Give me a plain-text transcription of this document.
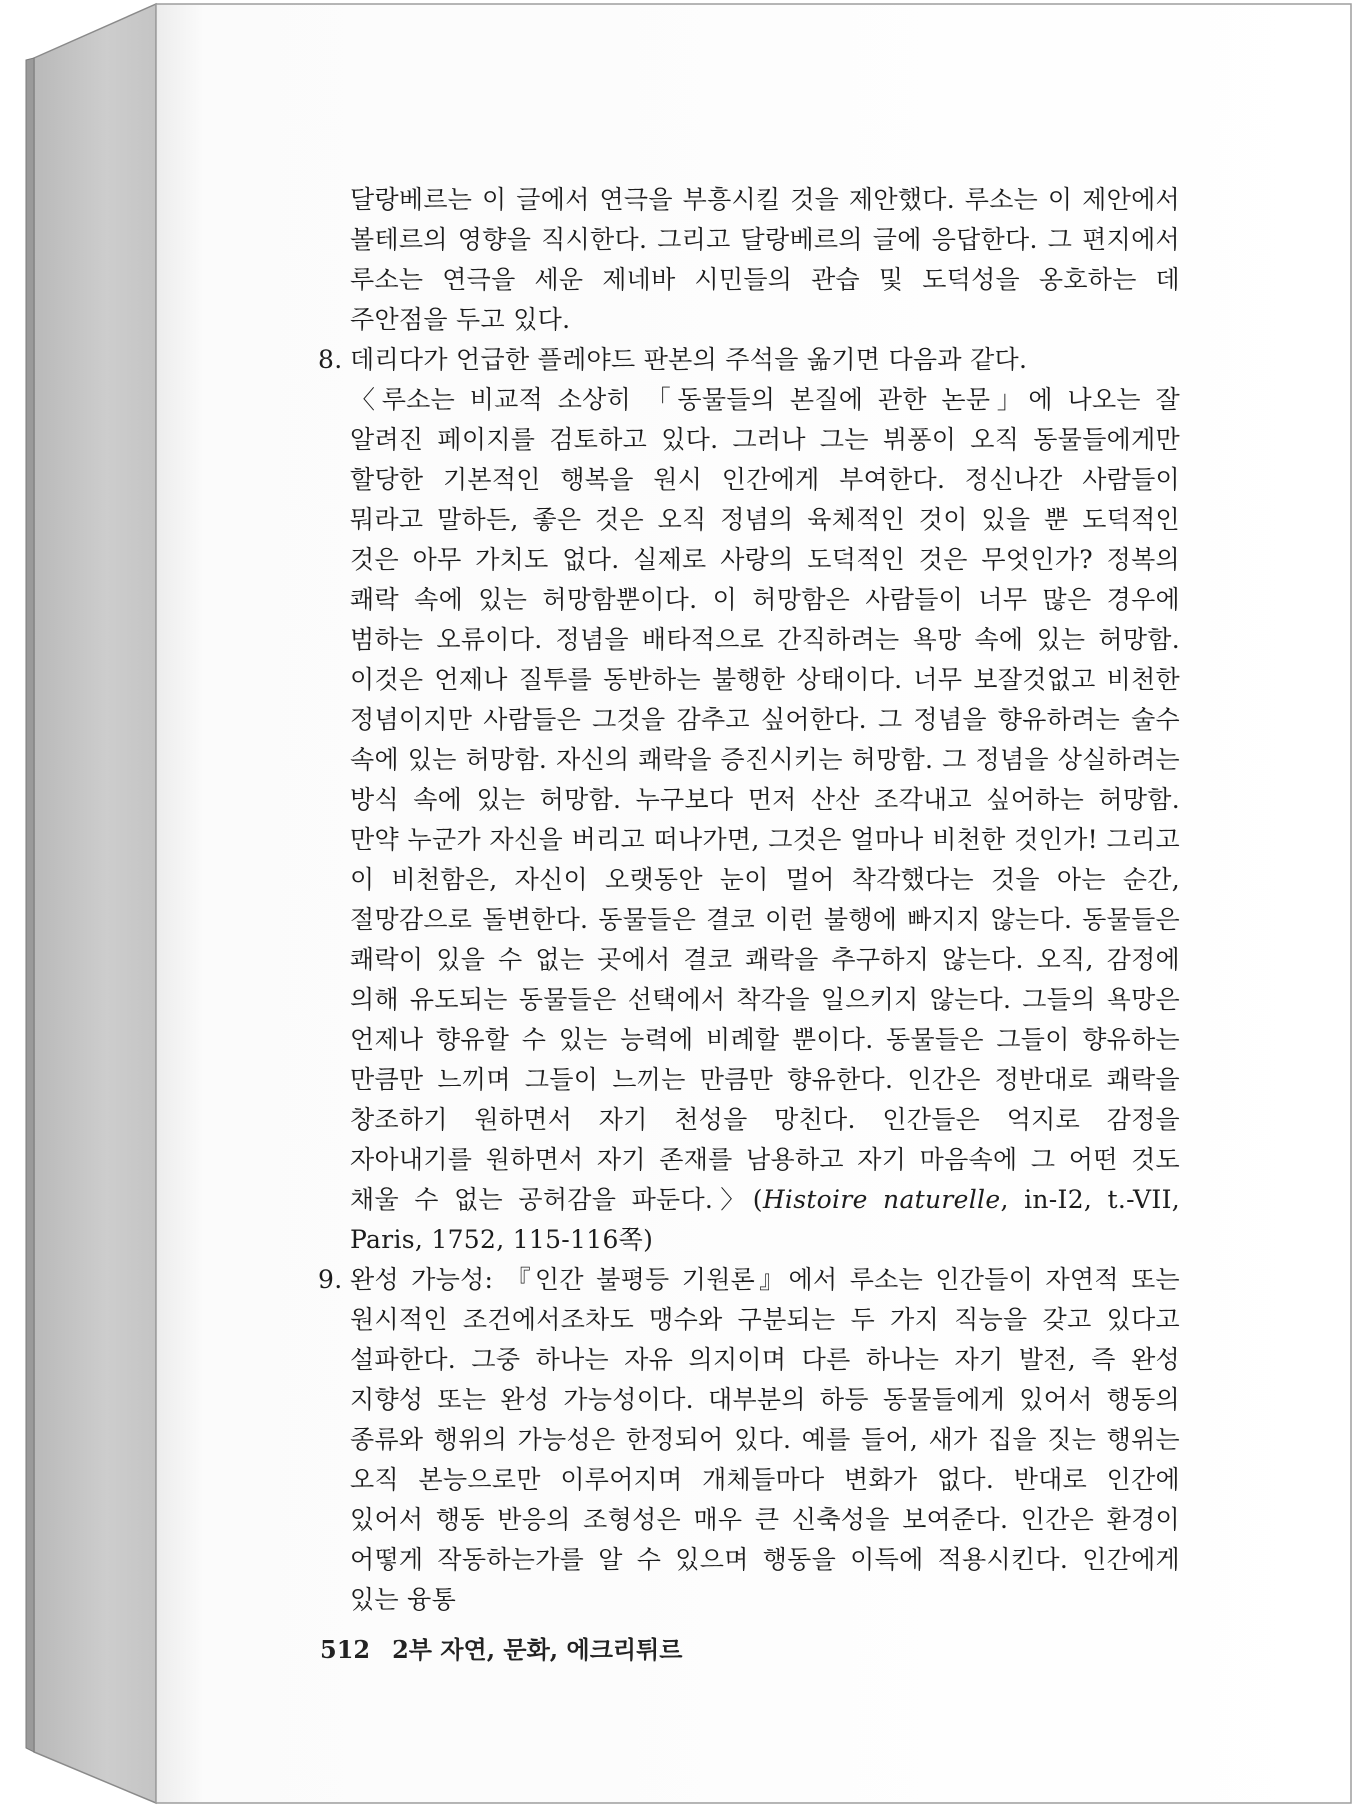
달랑베르는 이 글에서 연극을 부흥시킬 것을 제안했다. 루소는 이 제안에서 볼테르의 영향을 직시한다. 그리고 달랑베르의 글에 응답한다. 그 편지에서 루소는 연극을 세운 제네바 시민들의 관습 및 도덕성을 옹호하는 데 주안점을 두고 있다.

8. 데리다가 언급한 플레야드 판본의 주석을 옮기면 다음과 같다.

〈루소는 비교적 소상히 「동물들의 본질에 관한 논문」에 나오는 잘 알려진 페이지를 검토하고 있다. 그러나 그는 뷔퐁이 오직 동물들에게만 할당한 기본적인 행복을 원시 인간에게 부여한다. 정신나간 사람들이 뭐라고 말하든, 좋은 것은 오직 정념의 육체적인 것이 있을 뿐 도덕적인 것은 아무 가치도 없다. 실제로 사랑의 도덕적인 것은 무엇인가? 정복의 쾌락 속에 있는 허망함뿐이다. 이 허망함은 사람들이 너무 많은 경우에 범하는 오류이다. 정념을 배타적으로 간직하려는 욕망 속에 있는 허망함. 이것은 언제나 질투를 동반하는 불행한 상태이다. 너무 보잘것없고 비천한 정념이지만 사람들은 그것을 감추고 싶어한다. 그 정념을 향유하려는 술수 속에 있는 허망함. 자신의 쾌락을 증진시키는 허망함. 그 정념을 상실하려는 방식 속에 있는 허망함. 누구보다 먼저 산산 조각내고 싶어하는 허망함. 만약 누군가 자신을 버리고 떠나가면, 그것은 얼마나 비천한 것인가! 그리고 이 비천함은, 자신이 오랫동안 눈이 멀어 착각했다는 것을 아는 순간, 절망감으로 돌변한다. 동물들은 결코 이런 불행에 빠지지 않는다. 동물들은 쾌락이 있을 수 없는 곳에서 결코 쾌락을 추구하지 않는다. 오직, 감정에 의해 유도되는 동물들은 선택에서 착각을 일으키지 않는다. 그들의 욕망은 언제나 향유할 수 있는 능력에 비례할 뿐이다. 동물들은 그들이 향유하는 만큼만 느끼며 그들이 느끼는 만큼만 향유한다. 인간은 정반대로 쾌락을 창조하기 원하면서 자기 천성을 망친다. 인간들은 억지로 감정을 자아내기를 원하면서 자기 존재를 남용하고 자기 마음속에 그 어떤 것도 채울 수 없는 공허감을 파둔다.〉(Histoire naturelle, in-I2, t.-VII, Paris, 1752, 115-116쪽)

9. 완성 가능성: 『인간 불평등 기원론』에서 루소는 인간들이 자연적 또는 원시적인 조건에서조차도 맹수와 구분되는 두 가지 직능을 갖고 있다고 설파한다. 그중 하나는 자유 의지이며 다른 하나는 자기 발전, 즉 완성 지향성 또는 완성 가능성이다. 대부분의 하등 동물들에게 있어서 행동의 종류와 행위의 가능성은 한정되어 있다. 예를 들어, 새가 집을 짓는 행위는 오직 본능으로만 이루어지며 개체들마다 변화가 없다. 반대로 인간에 있어서 행동 반응의 조형성은 매우 큰 신축성을 보여준다. 인간은 환경이 어떻게 작동하는가를 알 수 있으며 행동을 이득에 적용시킨다. 인간에게 있는 융통
512 2부 자연, 문화, 에크리튀르
